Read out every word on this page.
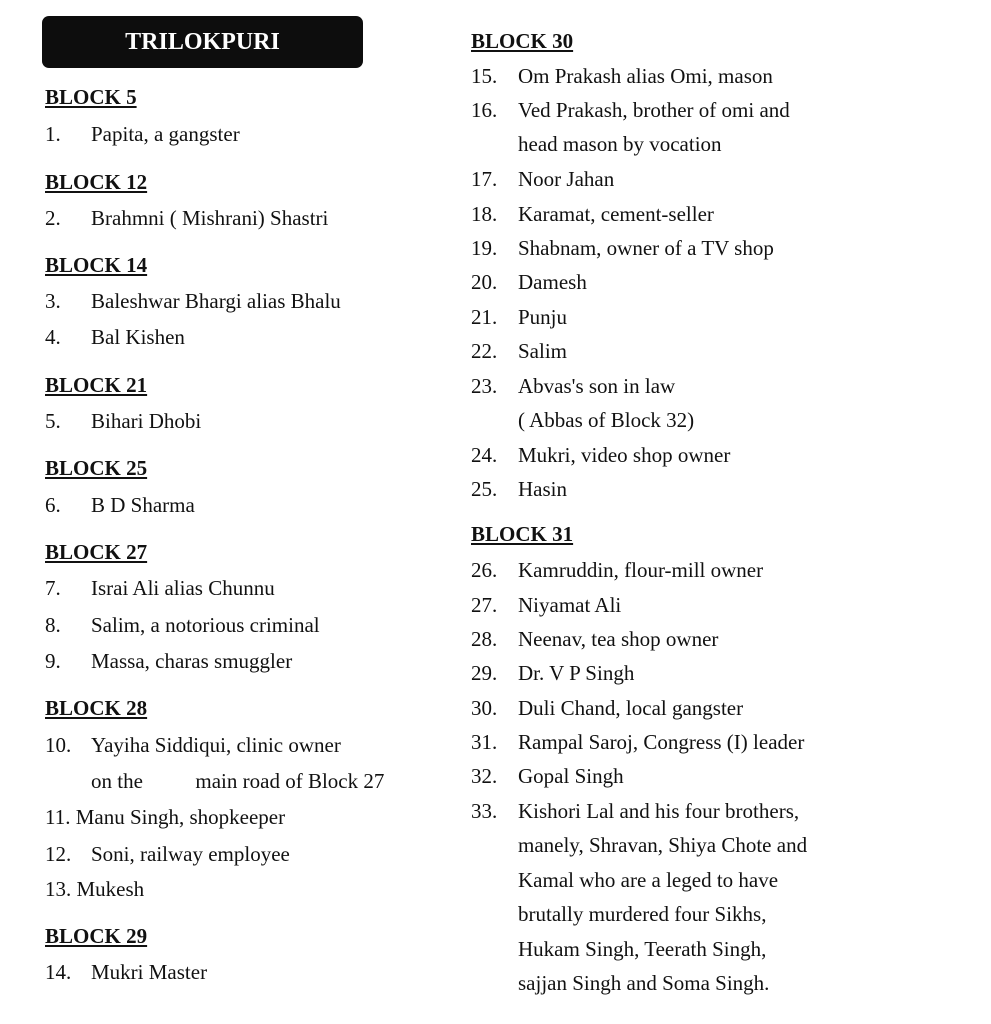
TRILOKPURI
BLOCK 5
1. Papita, a gangster
BLOCK 12
2. Brahmni ( Mishrani) Shastri
BLOCK 14
3. Baleshwar Bhargi alias Bhalu
4. Bal Kishen
BLOCK 21
5. Bihari Dhobi
BLOCK 25
6. B D Sharma
BLOCK 27
7. Israi Ali alias Chunnu
8. Salim, a notorious criminal
9. Massa, charas smuggler
BLOCK 28
10. Yayiha Siddiqui, clinic owner
on the          main road of Block 27
11. Manu Singh, shopkeeper
12. Soni, railway employee
13. Mukesh
BLOCK 29
14. Mukri Master
BLOCK 30
15. Om Prakash alias Omi, mason
16. Ved Prakash, brother of omi and
head mason by vocation
17. Noor Jahan
18. Karamat, cement-seller
19. Shabnam, owner of a TV shop
20. Damesh
21. Punju
22. Salim
23. Abvas's son in law
( Abbas of Block 32)
24. Mukri, video shop owner
25. Hasin
BLOCK 31
26. Kamruddin, flour-mill owner
27. Niyamat Ali
28. Neenav, tea shop owner
29. Dr. V P Singh
30. Duli Chand, local gangster
31. Rampal Saroj, Congress (I) leader
32. Gopal Singh
33. Kishori Lal and his four brothers,
manely, Shravan, Shiya Chote and
Kamal who are a leged to have
brutally murdered four Sikhs,
Hukam Singh, Teerath Singh,
sajjan Singh and Soma Singh.
